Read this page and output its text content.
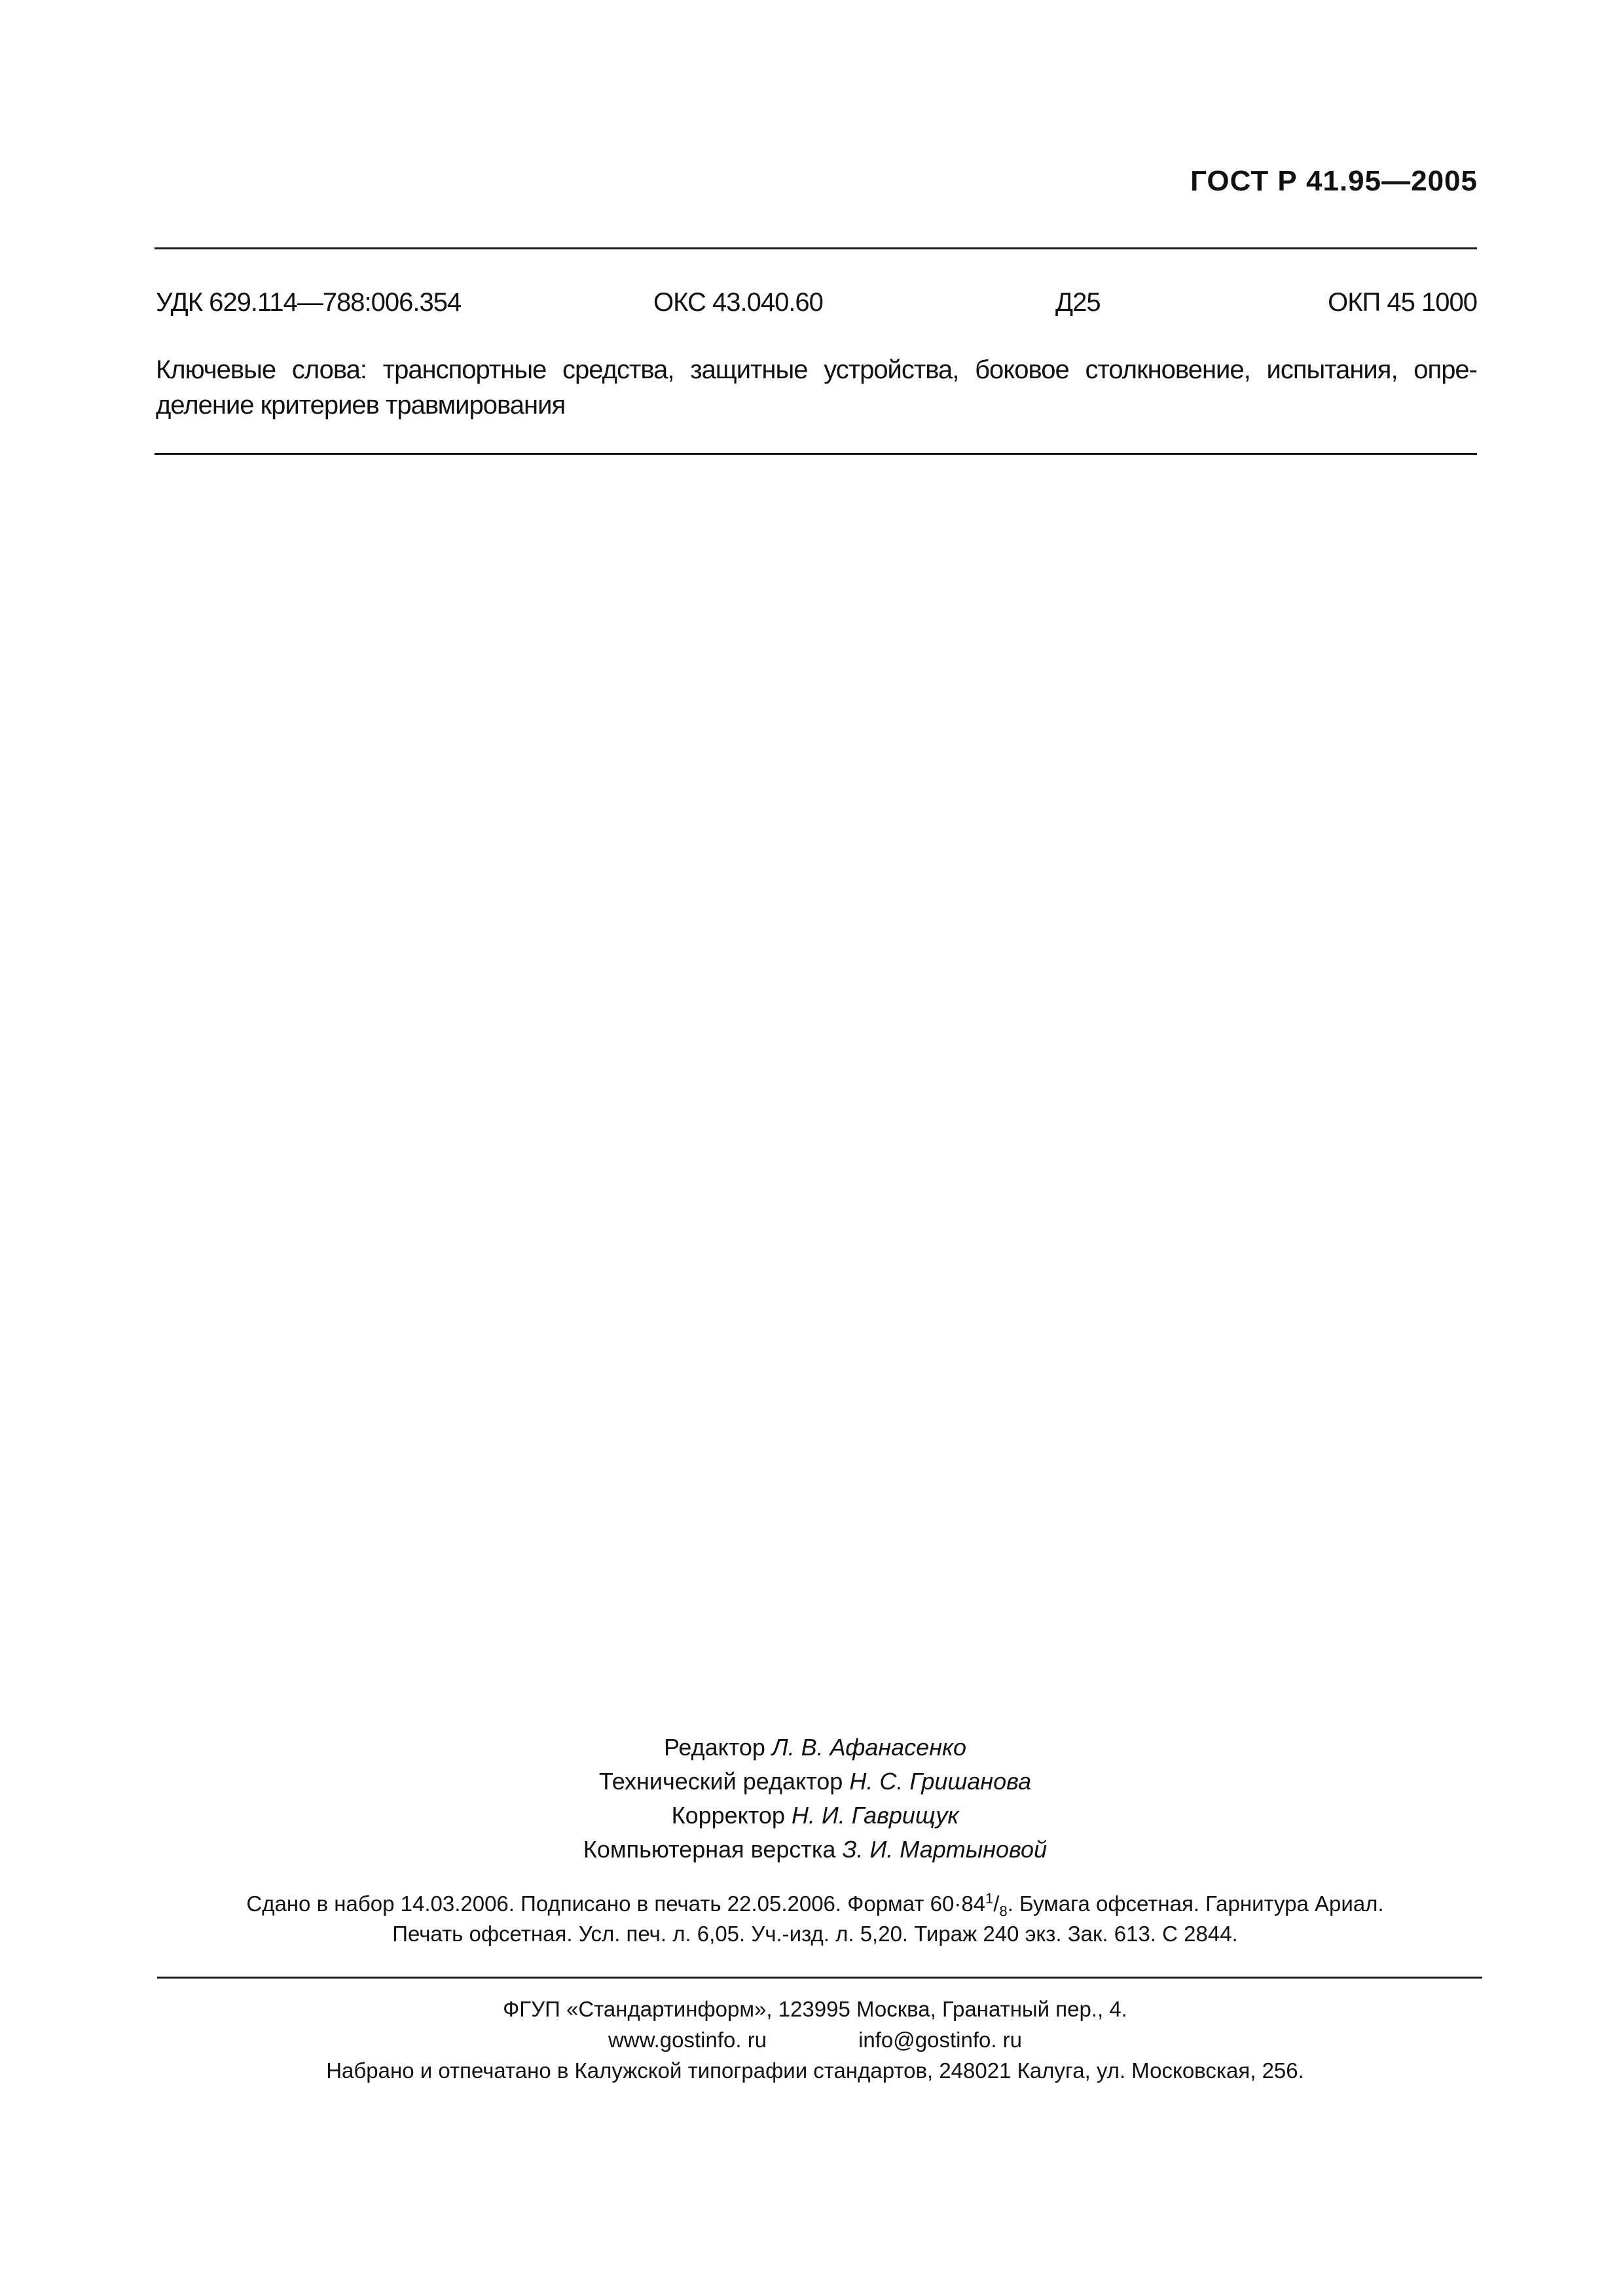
ГОСТ Р 41.95—2005
УДК 629.114—788:006.354	ОКС 43.040.60	Д25	ОКП 45 1000
Ключевые слова: транспортные средства, защитные устройства, боковое столкновение, испытания, опре-
деление критериев травмирования
Редактор Л. В. Афанасенко
Технический редактор Н. С. Гришанова
Корректор Н. И. Гаврищук
Компьютерная верстка З. И. Мартыновой
Сдано в набор 14.03.2006. Подписано в печать 22.05.2006. Формат $60\cdot 84^1/_8$. Бумага офсетная. Гарнитура Ариал.
Печать офсетная. Усл. печ. л. 6,05. Уч.-изд. л. 5,20. Тираж 240 экз. Зак. 613. С 2844.
ФГУП «Стандартинформ», 123995 Москва, Гранатный пер., 4.
www.gostinfo. ru	info@gostinfo. ru
Набрано и отпечатано в Калужской типографии стандартов, 248021 Калуга, ул. Московская, 256.
